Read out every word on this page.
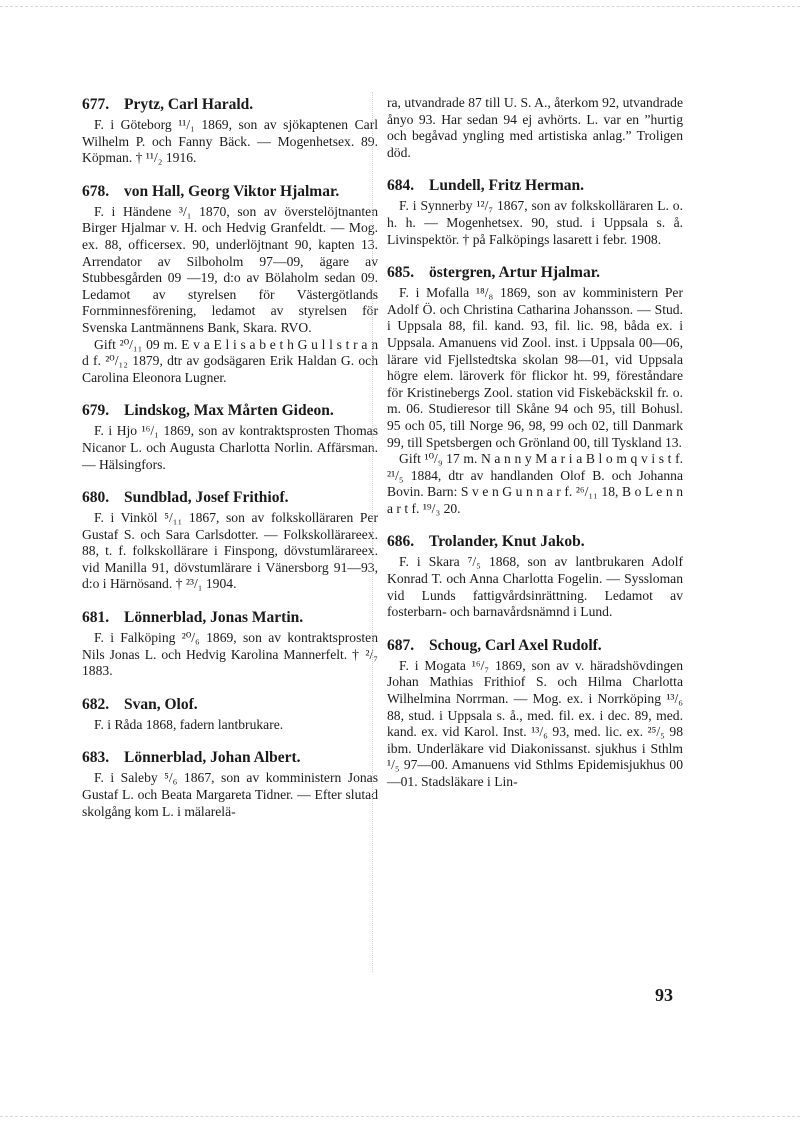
677. Prytz, Carl Harald.

F. i Göteborg ¹¹/₁ 1869, son av sjökaptenen Carl Wilhelm P. och Fanny Bäck. — Mogenhetsex. 89. Köpman. † ¹¹/₂ 1916.

678. von Hall, Georg Viktor Hjalmar.

F. i Händene ³/₁ 1870, son av överstelöjtnanten Birger Hjalmar v. H. och Hedvig Granfeldt. — Mog. ex. 88, officersex. 90, underlöjtnant 90, kapten 13. Arrendator av Silboholm 97—09, ägare av Stubbesgården 09 —19, d:o av Bölaholm sedan 09. Ledamot av styrelsen för Västergötlands Fornminnesförening, ledamot av styrelsen för Svenska Lantmännens Bank, Skara. RVO.

Gift ²⁰/₁₁ 09 m. E v a E l i s a b e t h G u l l s t r a n d f. ²⁰/₁₂ 1879, dtr av godsägaren Erik Haldan G. och Carolina Eleonora Lugner.

679. Lindskog, Max Mårten Gideon.

F. i Hjo ¹⁶/₁ 1869, son av kontraktsprosten Thomas Nicanor L. och Augusta Charlotta Norlin. Affärsman. — Hälsingfors.

680. Sundblad, Josef Frithiof.

F. i Vinköl ⁵/₁₁ 1867, son av folkskolläraren Per Gustaf S. och Sara Carlsdotter. — Folkskollärareex. 88, t. f. folkskollärare i Finspong, dövstumlärareex. vid Manilla 91, dövstumlärare i Vänersborg 91—93, d:o i Härnösand. † ²³/₁ 1904.

681. Lönnerblad, Jonas Martin.

F. i Falköping ²⁰/₆ 1869, son av kontraktsprosten Nils Jonas L. och Hedvig Karolina Mannerfelt. † ²/₇ 1883.

682. Svan, Olof.

F. i Råda 1868, fadern lantbrukare.

683. Lönnerblad, Johan Albert.

F. i Saleby ⁵/₆ 1867, son av komministern Jonas Gustaf L. och Beata Margareta Tidner. — Efter slutad skolgång kom L. i mälarelä-

ra, utvandrade 87 till U. S. A., återkom 92, utvandrade ånyo 93. Har sedan 94 ej avhörts. L. var en ”hurtig och begåvad yngling med artistiska anlag.” Troligen död.

684. Lundell, Fritz Herman.

F. i Synnerby ¹²/₇ 1867, son av folkskolläraren L. o. h. h. — Mogenhetsex. 90, stud. i Uppsala s. å. Livinspektör. † på Falköpings lasarett i febr. 1908.

685. östergren, Artur Hjalmar.

F. i Mofalla ¹⁸/₈ 1869, son av komministern Per Adolf Ö. och Christina Catharina Johansson. — Stud. i Uppsala 88, fil. kand. 93, fil. lic. 98, båda ex. i Uppsala. Amanuens vid Zool. inst. i Uppsala 00—06, lärare vid Fjellstedtska skolan 98—01, vid Uppsala högre elem. läroverk för flickor ht. 99, föreståndare för Kristinebergs Zool. station vid Fiskebäckskil fr. o. m. 06. Studieresor till Skåne 94 och 95, till Bohusl. 95 och 05, till Norge 96, 98, 99 och 02, till Danmark 99, till Spetsbergen och Grönland 00, till Tyskland 13.

Gift ¹⁰/₉ 17 m. N a n n y M a r i a B l o m q v i s t f. ²¹/₅ 1884, dtr av handlanden Olof B. och Johanna Bovin. Barn: S v e n G u n n a r f. ²⁶/₁₁ 18, B o L e n n a r t f. ¹⁹/₃ 20.

686. Trolander, Knut Jakob.

F. i Skara ⁷/₅ 1868, son av lantbrukaren Adolf Konrad T. och Anna Charlotta Fogelin. — Syssloman vid Lunds fattigvårdsinrättning. Ledamot av fosterbarn- och barnavårdsnämnd i Lund.

687. Schoug, Carl Axel Rudolf.

F. i Mogata ¹⁶/₇ 1869, son av v. häradshövdingen Johan Mathias Frithiof S. och Hilma Charlotta Wilhelmina Norrman. — Mog. ex. i Norrköping ¹³/₆ 88, stud. i Uppsala s. å., med. fil. ex. i dec. 89, med. kand. ex. vid Karol. Inst. ¹³/₆ 93, med. lic. ex. ²⁵/₅ 98 ibm. Underläkare vid Diakonissanst. sjukhus i Sthlm ¹/₅ 97—00. Amanuens vid Sthlms Epidemisjukhus 00—01. Stadsläkare i Lin-

93
